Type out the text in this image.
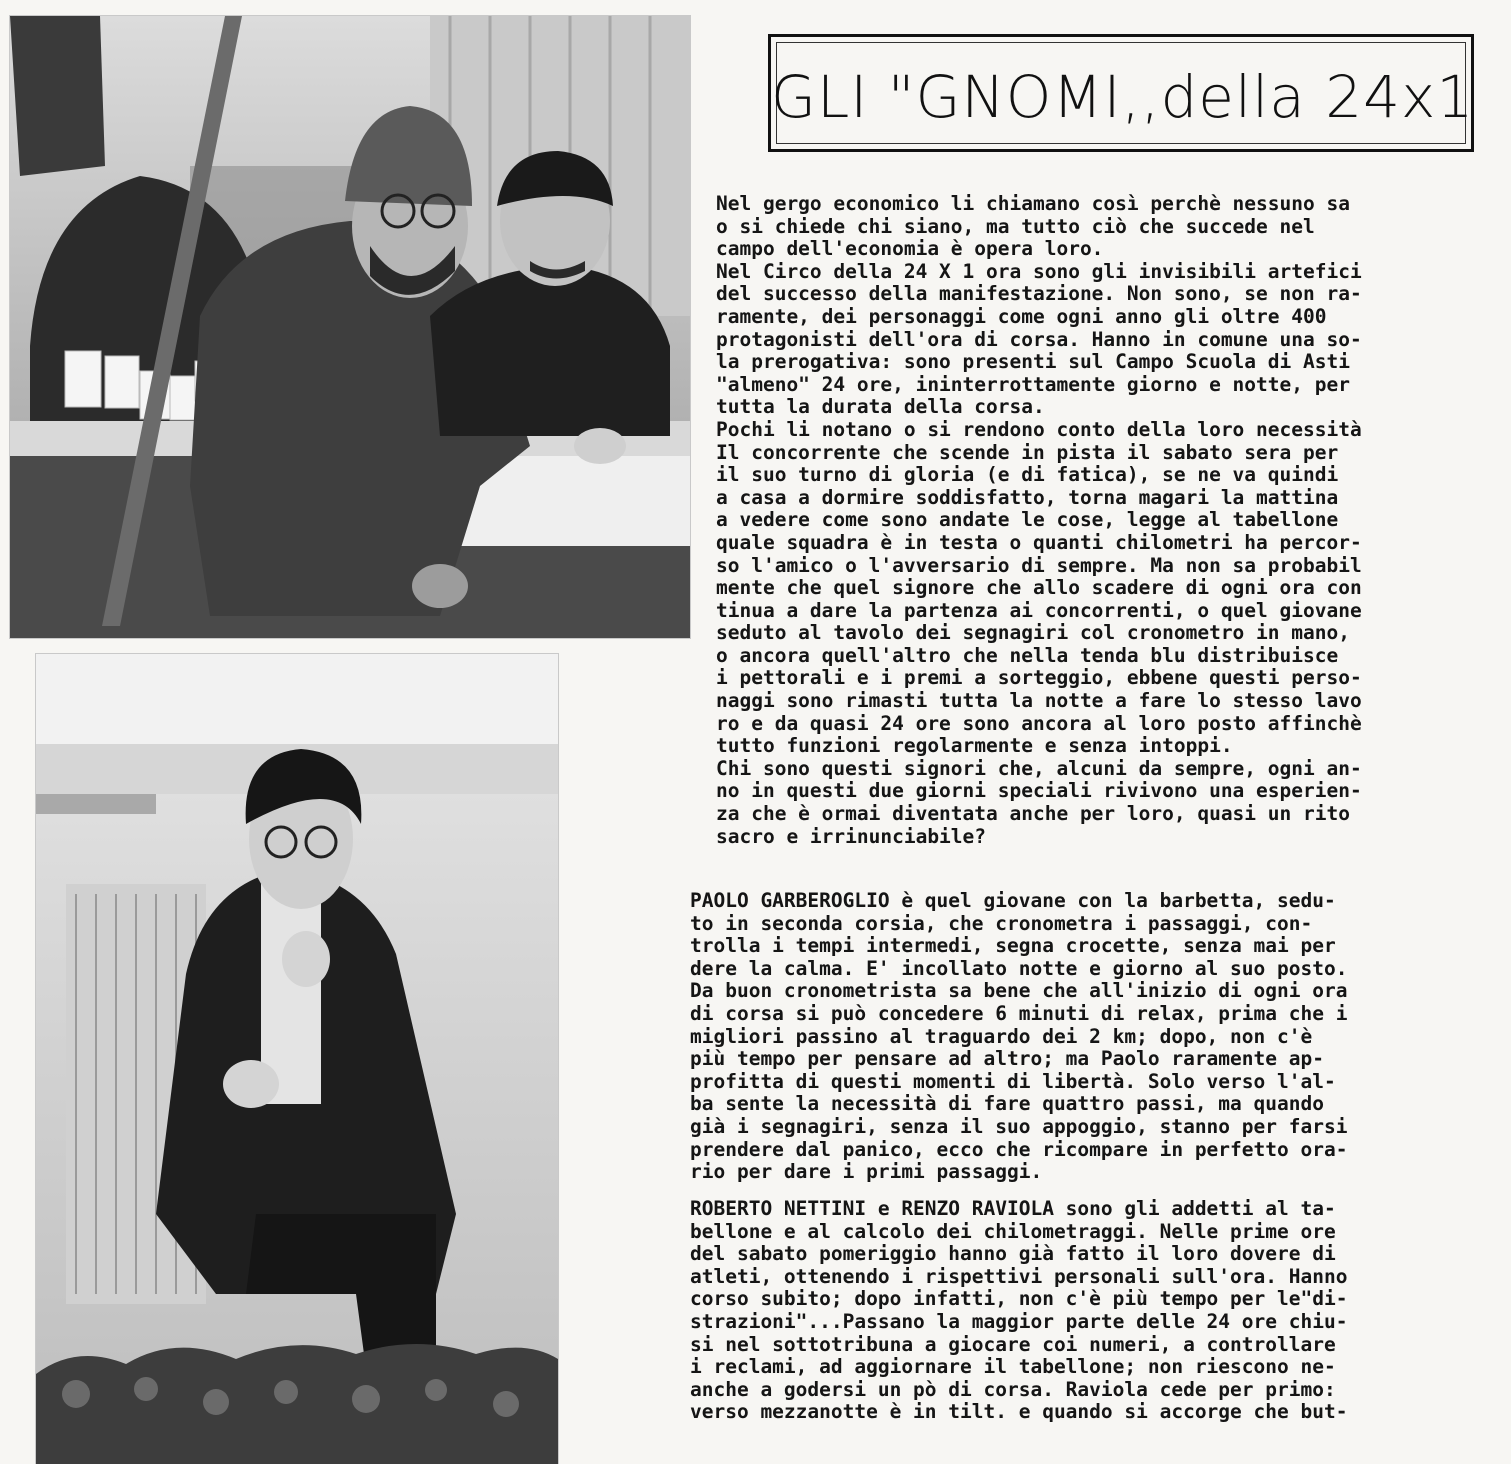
GLI "GNOMI,,della 24x1
Nel gergo economico li chiamano così perchè nessuno sa
o si chiede chi siano, ma tutto ciò che succede nel
campo dell'economia è opera loro.
Nel Circo della 24 X 1 ora sono gli invisibili artefici
del successo della manifestazione. Non sono, se non ra-
ramente, dei personaggi come ogni anno gli oltre 400
protagonisti dell'ora di corsa. Hanno in comune una so-
la prerogativa: sono presenti sul Campo Scuola di Asti
"almeno" 24 ore, ininterrottamente giorno e notte, per
tutta la durata della corsa.
Pochi li notano o si rendono conto della loro necessità
Il concorrente che scende in pista il sabato sera per
il suo turno di gloria (e di fatica), se ne va quindi
a casa a dormire soddisfatto, torna magari la mattina
a vedere come sono andate le cose, legge al tabellone
quale squadra è in testa o quanti chilometri ha percor-
so l'amico o l'avversario di sempre. Ma non sa probabil
mente che quel signore che allo scadere di ogni ora con
tinua a dare la partenza ai concorrenti, o quel giovane
seduto al tavolo dei segnagiri col cronometro in mano,
o ancora quell'altro che nella tenda blu distribuisce
i pettorali e i premi a sorteggio, ebbene questi perso-
naggi sono rimasti tutta la notte a fare lo stesso lavo
ro e da quasi 24 ore sono ancora al loro posto affinchè
tutto funzioni regolarmente e senza intoppi.
Chi sono questi signori che, alcuni da sempre, ogni an-
no in questi due giorni speciali rivivono una esperien-
za che è ormai diventata anche per loro, quasi un rito
sacro e irrinunciabile?
PAOLO GARBEROGLIO è quel giovane con la barbetta, sedu-
to in seconda corsia, che cronometra i passaggi, con-
trolla i tempi intermedi, segna crocette, senza mai per
dere la calma. E' incollato notte e giorno al suo posto.
Da buon cronometrista sa bene che all'inizio di ogni ora
di corsa si può concedere 6 minuti di relax, prima che i
migliori passino al traguardo dei 2 km; dopo, non c'è
più tempo per pensare ad altro; ma Paolo raramente ap-
profitta di questi momenti di libertà. Solo verso l'al-
ba sente la necessità di fare quattro passi, ma quando
già i segnagiri, senza il suo appoggio, stanno per farsi
prendere dal panico, ecco che ricompare in perfetto ora-
rio per dare i primi passaggi.
ROBERTO NETTINI e RENZO RAVIOLA sono gli addetti al ta-
bellone e al calcolo dei chilometraggi. Nelle prime ore
del sabato pomeriggio hanno già fatto il loro dovere di
atleti, ottenendo i rispettivi personali sull'ora. Hanno
corso subito; dopo infatti, non c'è più tempo per le"di-
strazioni"...Passano la maggior parte delle 24 ore chiu-
si nel sottotribuna a giocare coi numeri, a controllare
i reclami, ad aggiornare il tabellone; non riescono ne-
anche a godersi un pò di corsa. Raviola cede per primo:
verso mezzanotte è in tilt. e quando si accorge che but-
